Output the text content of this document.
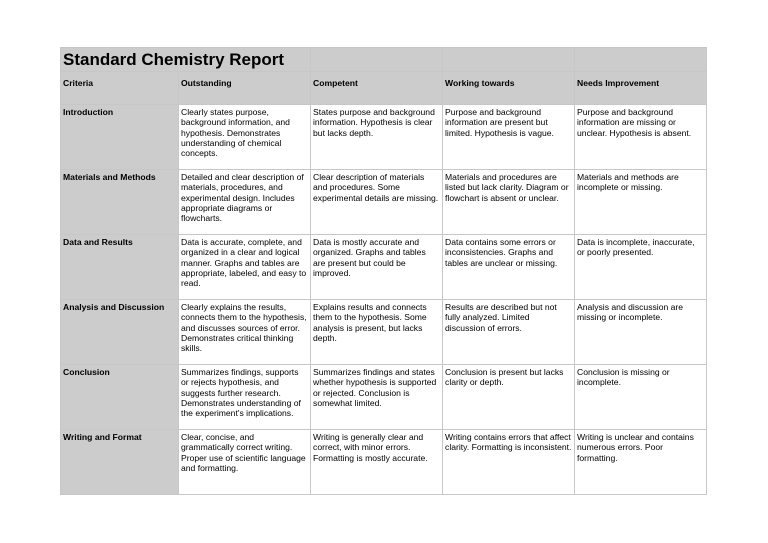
Standard Chemistry Report				
Criteria	Outstanding	Competent	Working towards	Needs Improvement
Introduction	Clearly states purpose, background information, and hypothesis. Demonstrates understanding of chemical concepts.	States purpose and background information. Hypothesis is clear but lacks depth.	Purpose and background information are present but limited. Hypothesis is vague.	Purpose and background information are missing or unclear. Hypothesis is absent.
Materials and Methods	Detailed and clear description of materials, procedures, and experimental design. Includes appropriate diagrams or flowcharts.	Clear description of materials and procedures. Some experimental details are missing.	Materials and procedures are listed but lack clarity. Diagram or flowchart is absent or unclear.	Materials and methods are incomplete or missing.
Data and Results	Data is accurate, complete, and organized in a clear and logical manner. Graphs and tables are appropriate, labeled, and easy to read.	Data is mostly accurate and organized. Graphs and tables are present but could be improved.	Data contains some errors or inconsistencies. Graphs and tables are unclear or missing.	Data is incomplete, inaccurate, or poorly presented.
Analysis and Discussion	Clearly explains the results, connects them to the hypothesis, and discusses sources of error. Demonstrates critical thinking skills.	Explains results and connects them to the hypothesis. Some analysis is present, but lacks depth.	Results are described but not fully analyzed. Limited discussion of errors.	Analysis and discussion are missing or incomplete.
Conclusion	Summarizes findings, supports or rejects hypothesis, and suggests further research. Demonstrates understanding of the experiment's implications.	Summarizes findings and states whether hypothesis is supported or rejected. Conclusion is somewhat limited.	Conclusion is present but lacks clarity or depth.	Conclusion is missing or incomplete.
Writing and Format	Clear, concise, and grammatically correct writing. Proper use of scientific language and formatting.	Writing is generally clear and correct, with minor errors. Formatting is mostly accurate.	Writing contains errors that affect clarity. Formatting is inconsistent.	Writing is unclear and contains numerous errors. Poor formatting.
